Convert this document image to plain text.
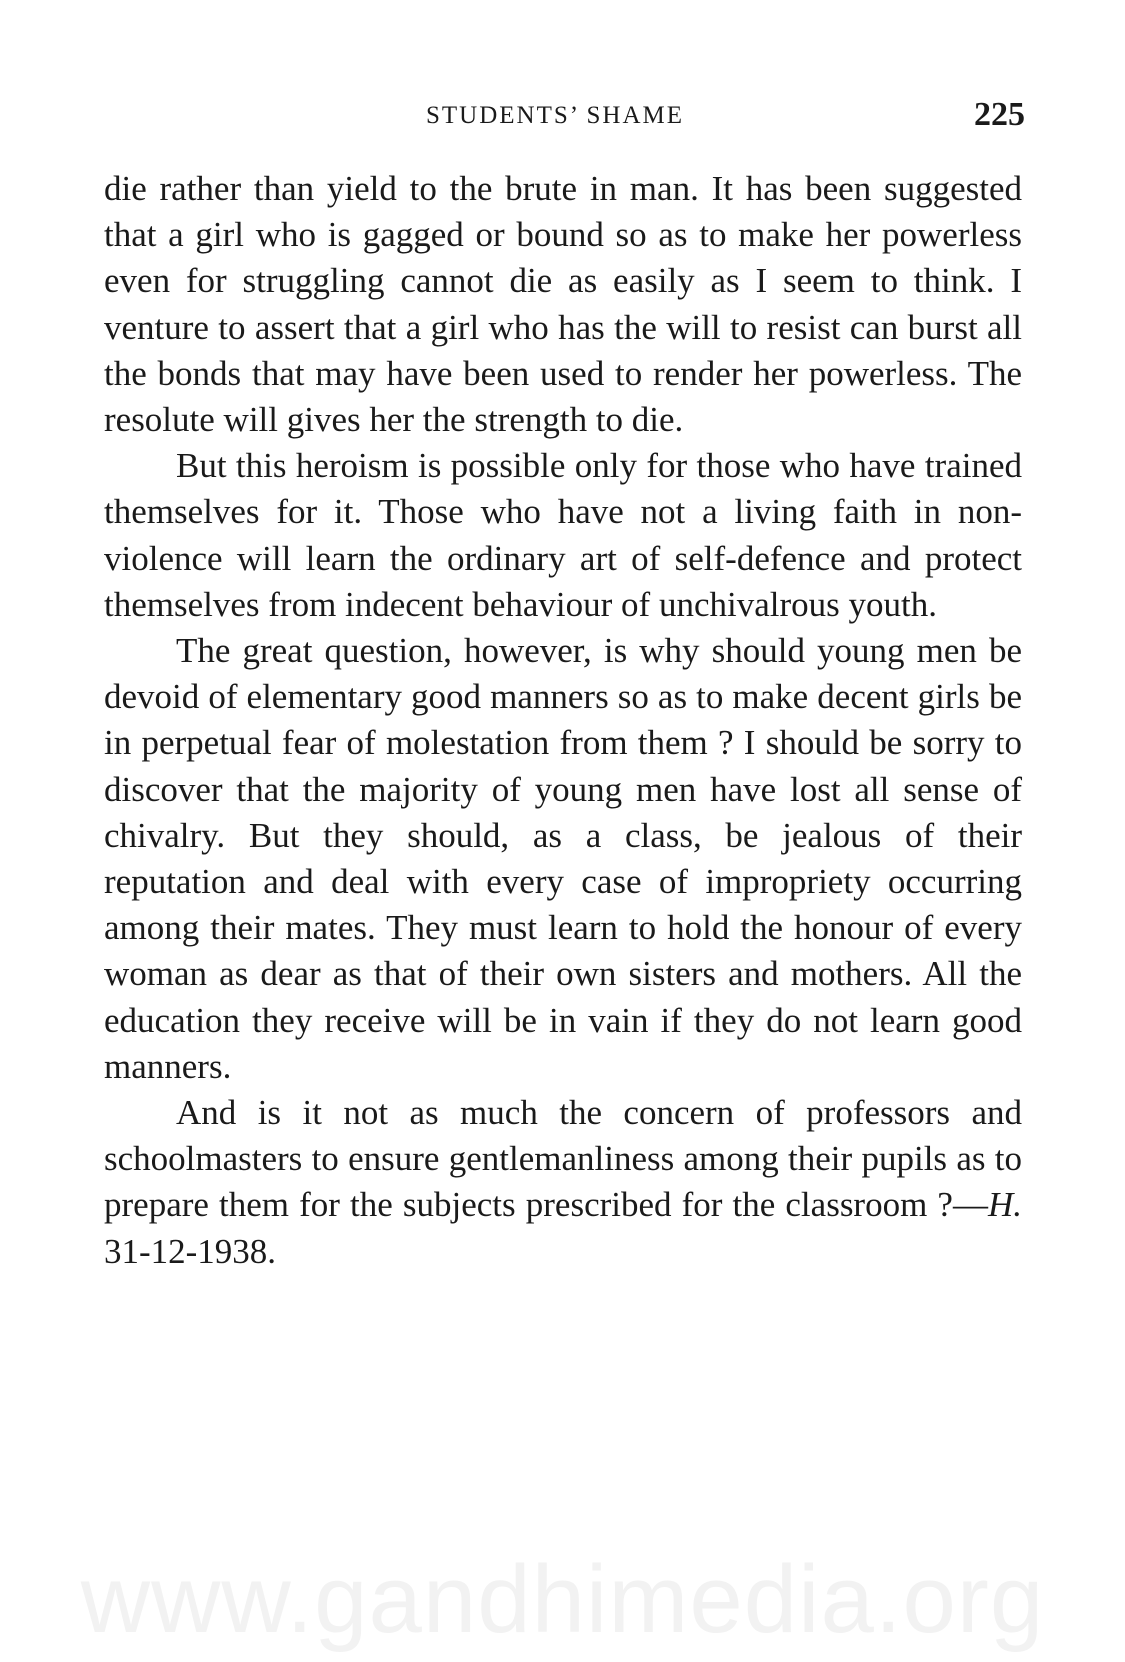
STUDENTS’ SHAME	225

die rather than yield to the brute in man. It has been suggested that a girl who is gagged or bound so as to make her powerless even for struggling cannot die as easily as I seem to think. I venture to assert that a girl who has the will to resist can burst all the bonds that may have been used to render her powerless. The resolute will gives her the strength to die.

But this heroism is possible only for those who have trained themselves for it. Those who have not a living faith in non-violence will learn the ordinary art of self-defence and protect themselves from indecent behaviour of unchivalrous youth.

The great question, however, is why should young men be devoid of elementary good manners so as to make decent girls be in perpetual fear of molestation from them ? I should be sorry to discover that the majority of young men have lost all sense of chivalry. But they should, as a class, be jealous of their reputation and deal with every case of impropriety occurring among their mates. They must learn to hold the honour of every woman as dear as that of their own sisters and mothers. All the education they receive will be in vain if they do not learn good manners.

And is it not as much the concern of professors and schoolmasters to ensure gentlemanliness among their pupils as to prepare them for the subjects prescribed for the classroom ?—H. 31-12-1938.

www.gandhimedia.org
